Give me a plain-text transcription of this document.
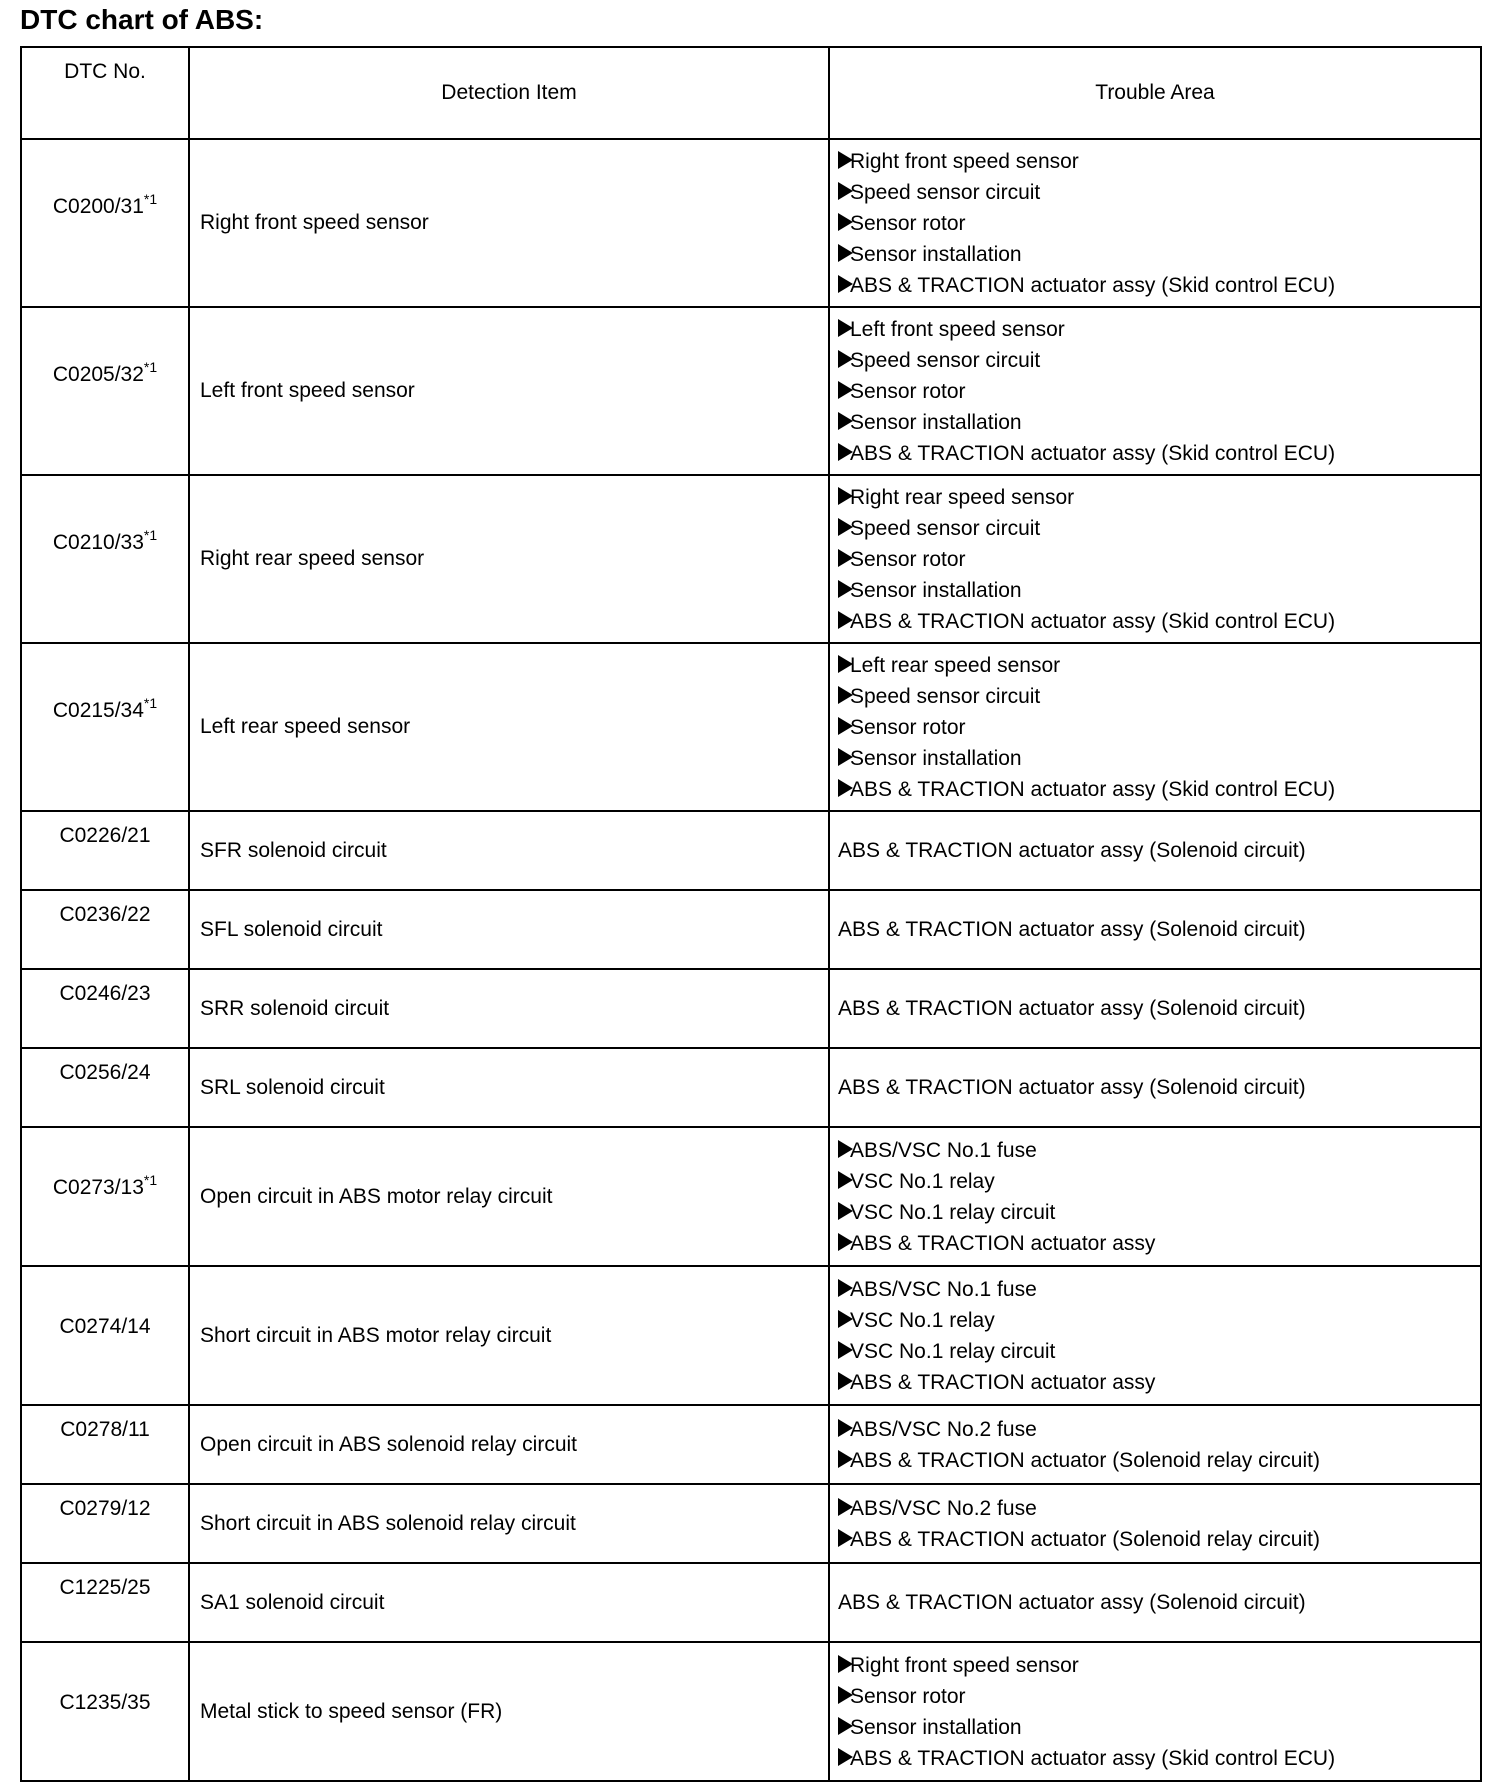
DTC chart of ABS:
DTC No.	Detection Item	Trouble Area
C0200/31$^{*1}$	Right front speed sensor	Right front speed sensor
Speed sensor circuit
Sensor rotor
Sensor installation
ABS & TRACTION actuator assy (Skid control ECU)

C0205/32$^{*1}$	Left front speed sensor	Left front speed sensor
Speed sensor circuit
Sensor rotor
Sensor installation
ABS & TRACTION actuator assy (Skid control ECU)

C0210/33$^{*1}$	Right rear speed sensor	Right rear speed sensor
Speed sensor circuit
Sensor rotor
Sensor installation
ABS & TRACTION actuator assy (Skid control ECU)

C0215/34$^{*1}$	Left rear speed sensor	Left rear speed sensor
Speed sensor circuit
Sensor rotor
Sensor installation
ABS & TRACTION actuator assy (Skid control ECU)

C0226/21	SFR solenoid circuit	ABS & TRACTION actuator assy (Solenoid circuit)

C0236/22	SFL solenoid circuit	ABS & TRACTION actuator assy (Solenoid circuit)

C0246/23	SRR solenoid circuit	ABS & TRACTION actuator assy (Solenoid circuit)

C0256/24	SRL solenoid circuit	ABS & TRACTION actuator assy (Solenoid circuit)

C0273/13$^{*1}$	Open circuit in ABS motor relay circuit	ABS/VSC No.1 fuse
VSC No.1 relay
VSC No.1 relay circuit
ABS & TRACTION actuator assy

C0274/14	Short circuit in ABS motor relay circuit	ABS/VSC No.1 fuse
VSC No.1 relay
VSC No.1 relay circuit
ABS & TRACTION actuator assy

C0278/11	Open circuit in ABS solenoid relay circuit	ABS/VSC No.2 fuse
ABS & TRACTION actuator (Solenoid relay circuit)

C0279/12	Short circuit in ABS solenoid relay circuit	ABS/VSC No.2 fuse
ABS & TRACTION actuator (Solenoid relay circuit)

C1225/25	SA1 solenoid circuit	ABS & TRACTION actuator assy (Solenoid circuit)

C1235/35	Metal stick to speed sensor (FR)	Right front speed sensor
Sensor rotor
Sensor installation
ABS & TRACTION actuator assy (Skid control ECU)
